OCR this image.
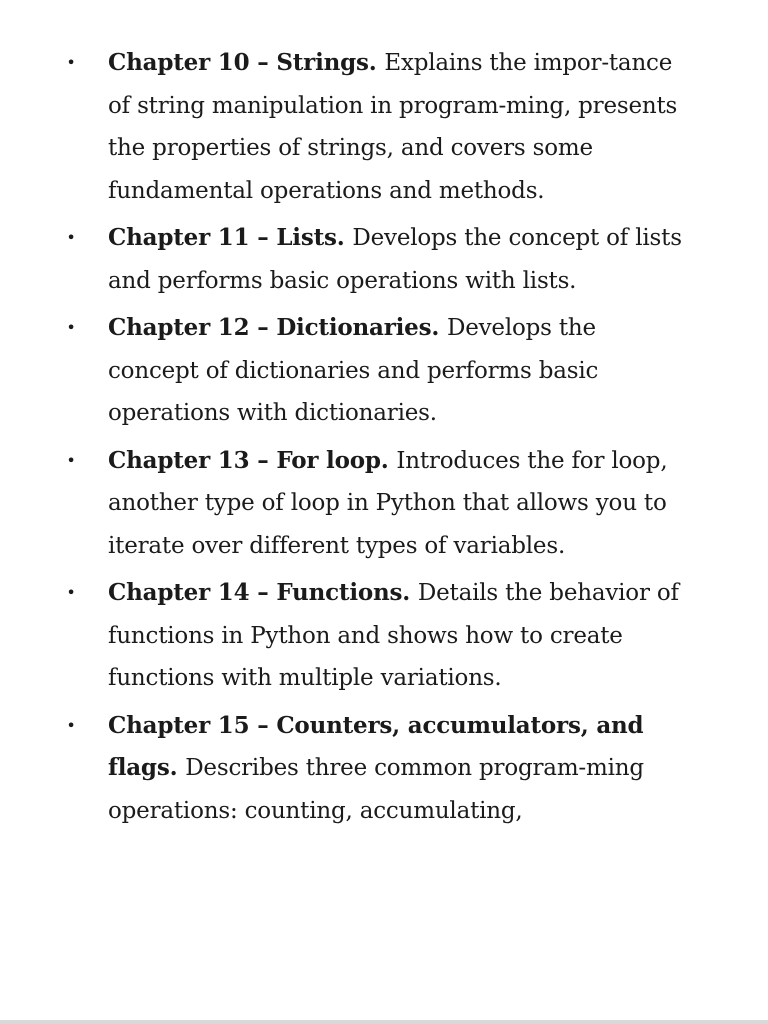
• Chapter 10 – Strings. Explains the impor-tance of string manipulation in program-ming, presents the properties of strings, and covers some fundamental operations and methods.
• Chapter 11 – Lists. Develops the concept of lists and performs basic operations with lists.
• Chapter 12 – Dictionaries. Develops the concept of dictionaries and performs basic operations with dictionaries.
• Chapter 13 – For loop. Introduces the for loop, another type of loop in Python that allows you to iterate over different types of variables.
• Chapter 14 – Functions. Details the behavior of functions in Python and shows how to create functions with multiple variations.
• Chapter 15 – Counters, accumulators, and flags. Describes three common program-ming operations: counting, accumulating,
